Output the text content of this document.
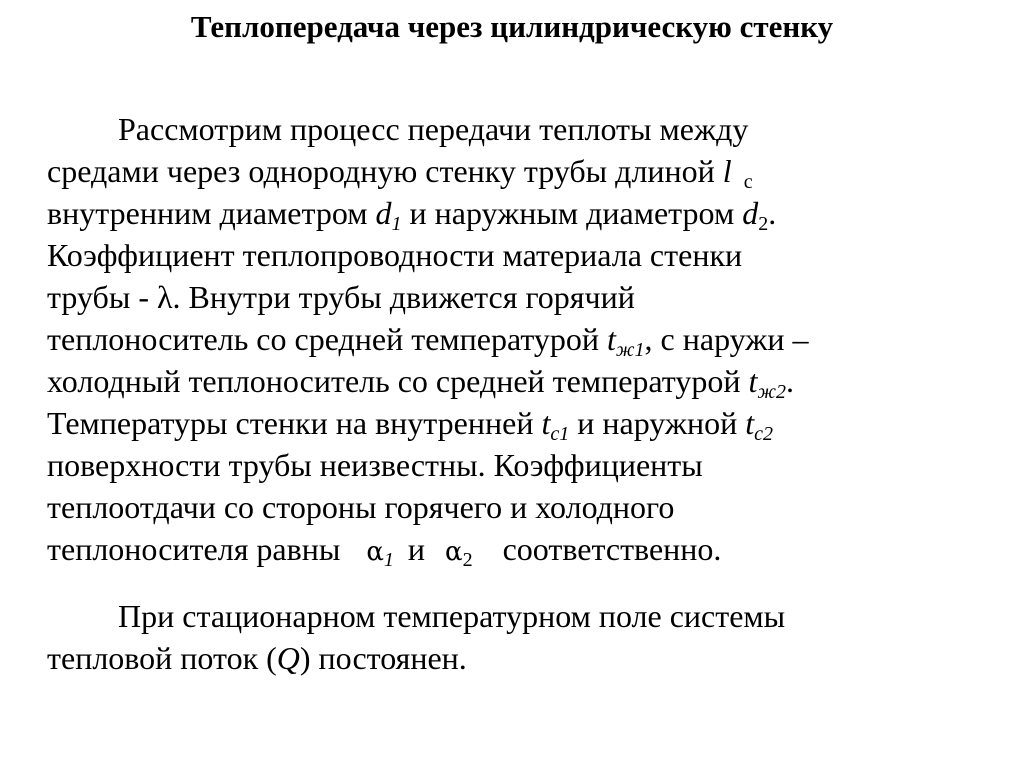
Теплопередача через цилиндрическую стенку
Рассмотрим процесс передачи теплоты между
средами через однородную стенку трубы длиной l $_с$
внутренним диаметром $d_1$ и наружным диаметром $d_2$.
Коэффициент теплопроводности материала стенки
трубы - λ. Внутри трубы движется горячий
теплоноситель со средней температурой $t_{ж1}$, с наружи –
холодный теплоноситель со средней температурой $t_{ж2}$.
Температуры стенки на внутренней $t_{с1}$ и наружной $t_{с2}$
поверхности трубы неизвестны. Коэффициенты
теплоотдачи со стороны горячего и холодного
теплоносителя равны $\alpha_1$ и $\alpha_2$ соответственно.
При стационарном температурном поле системы
тепловой поток (Q) постоянен.
